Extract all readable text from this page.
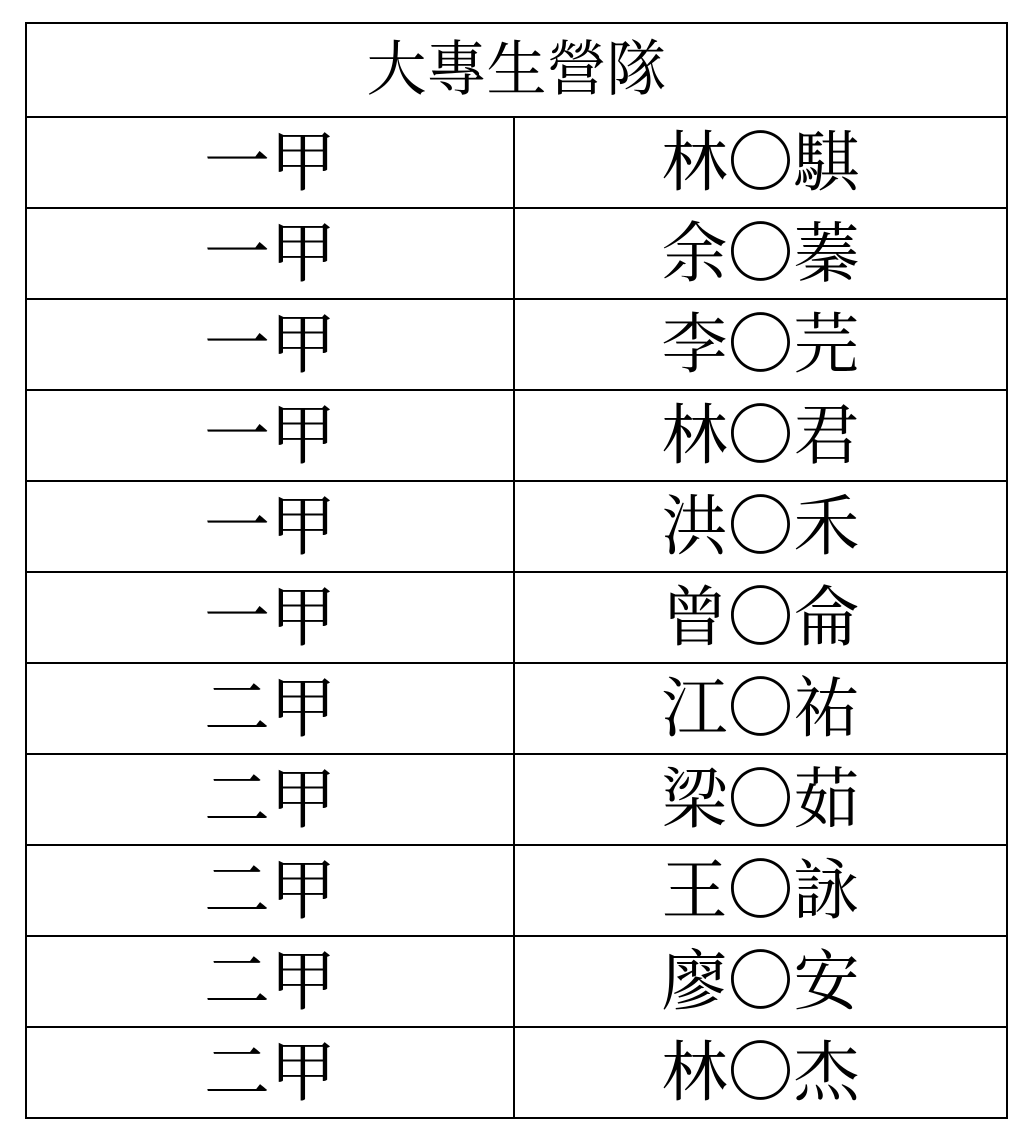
大專生營隊	
一甲	林〇騏
一甲	余〇蓁
一甲	李〇芫
一甲	林〇君
一甲	洪〇禾
一甲	曾〇侖
二甲	江〇祐
二甲	梁〇茹
二甲	王〇詠
二甲	廖〇安
二甲	林〇杰
